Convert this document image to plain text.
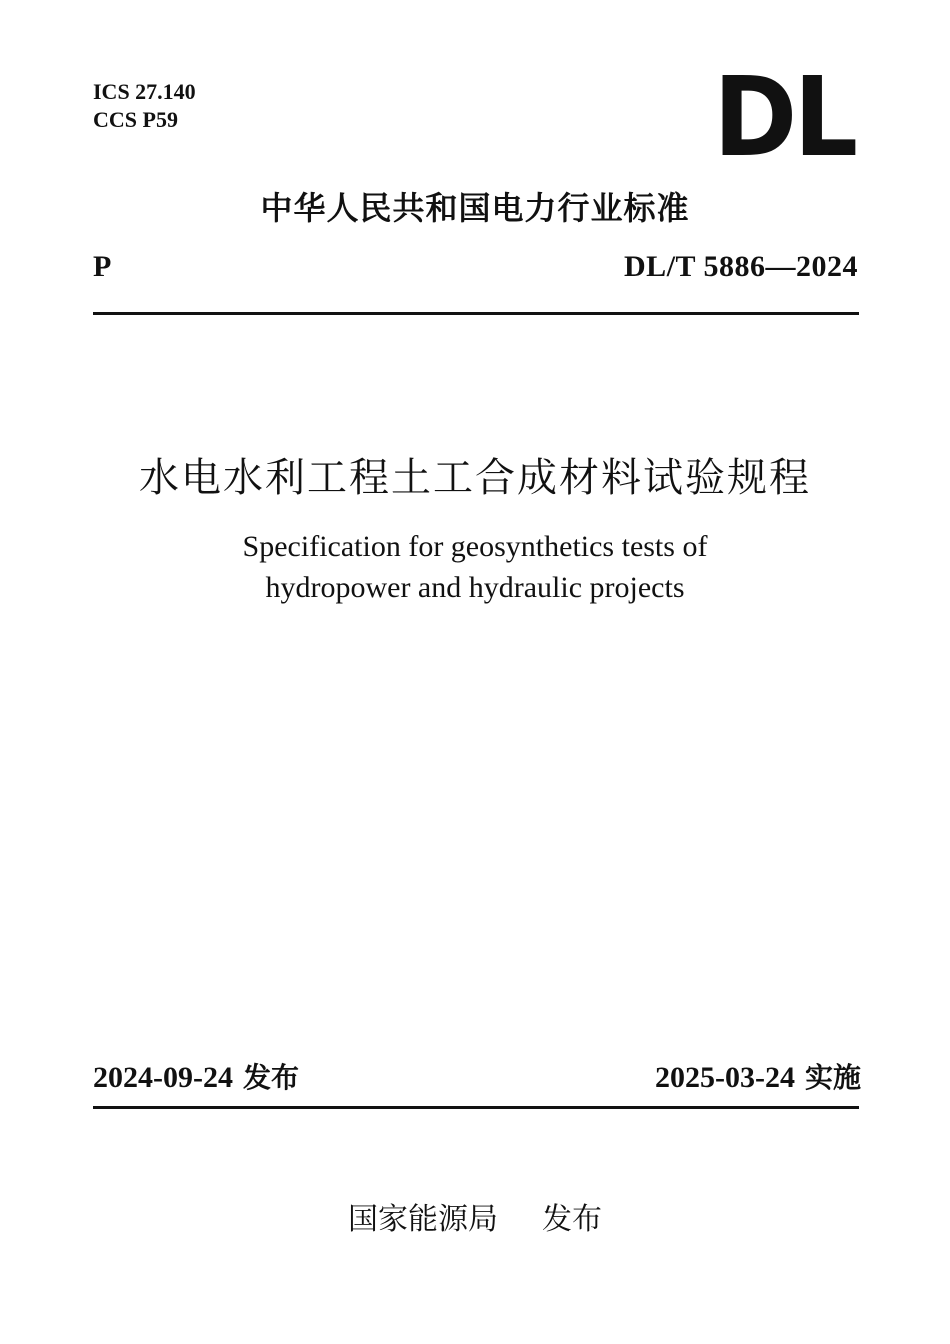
ICS 27.140
CCS P59	DL
中华人民共和国电力行业标准
P	DL/T 5886—2024
水电水利工程土工合成材料试验规程
Specification for geosynthetics tests of
hydropower and hydraulic projects
2024-09-24 发布	2025-03-24 实施
国家能源局 发布
